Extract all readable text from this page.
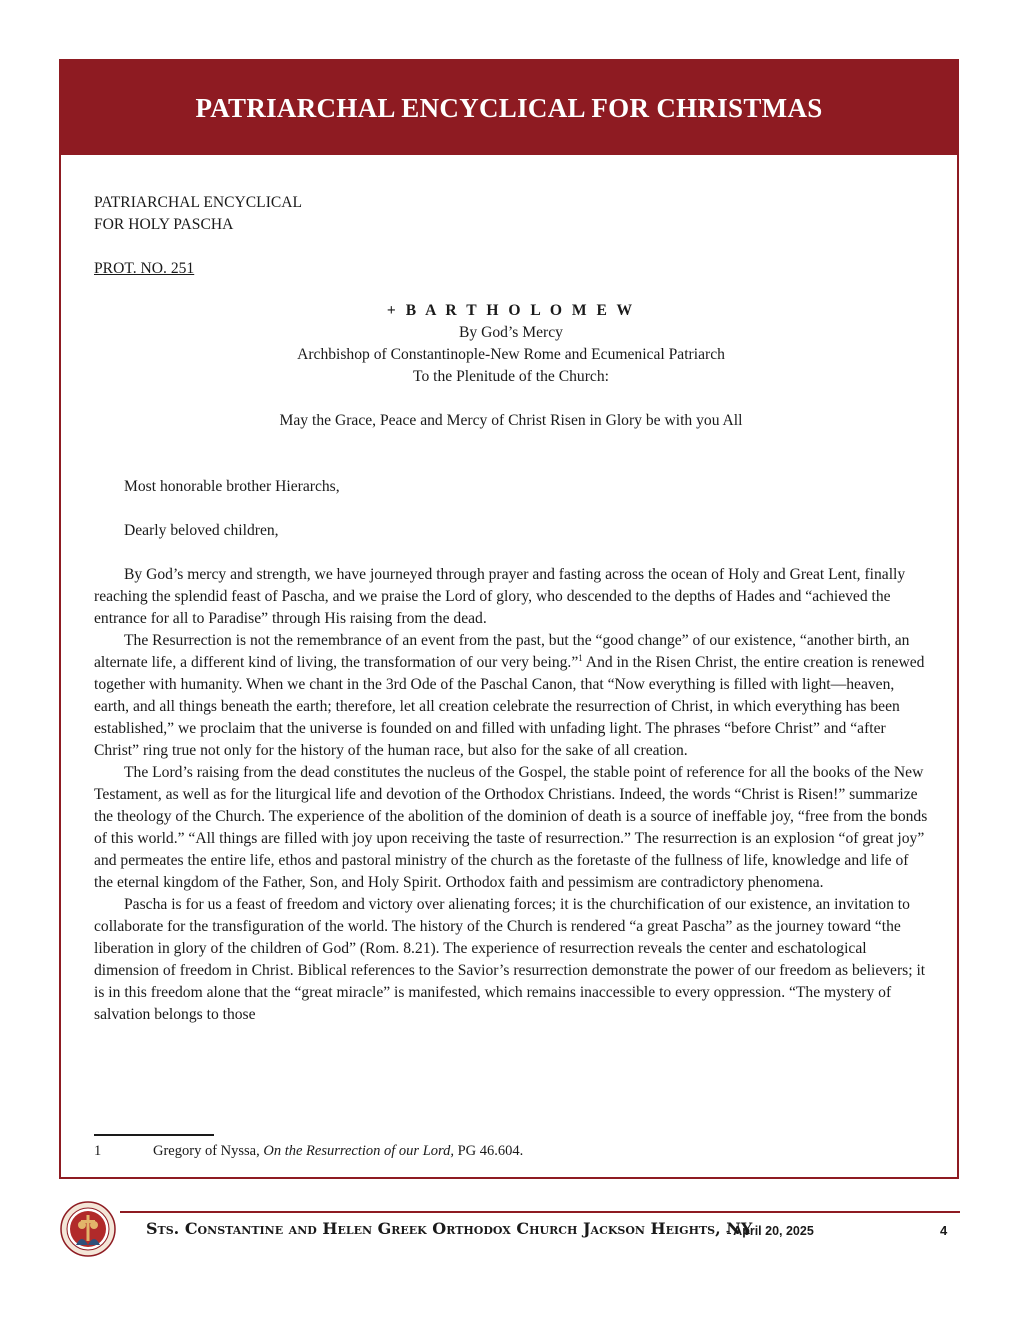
PATRIARCHAL ENCYCLICAL FOR CHRISTMAS

PATRIARCHAL ENCYCLICAL
FOR HOLY PASCHA

PROT. NO. 251

+ B A R T H O L O M E W
By God’s Mercy
Archbishop of Constantinople-New Rome and Ecumenical Patriarch
To the Plenitude of the Church:
May the Grace, Peace and Mercy of Christ Risen in Glory be with you All

Most honorable brother Hierarchs,

Dearly beloved children,

By God’s mercy and strength, we have journeyed through prayer and fasting across the ocean of Holy and Great Lent, finally reaching the splendid feast of Pascha, and we praise the Lord of glory, who descended to the depths of Hades and “achieved the entrance for all to Paradise” through His raising from the dead.

The Resurrection is not the remembrance of an event from the past, but the “good change” of our existence, “another birth, an alternate life, a different kind of living, the transformation of our very being.”$^1$ And in the Risen Christ, the entire creation is renewed together with humanity. When we chant in the 3rd Ode of the Paschal Canon, that “Now everything is filled with light—heaven, earth, and all things beneath the earth; therefore, let all creation celebrate the resurrection of Christ, in which everything has been established,” we proclaim that the universe is founded on and filled with unfading light. The phrases “before Christ” and “after Christ” ring true not only for the history of the human race, but also for the sake of all creation.

The Lord’s raising from the dead constitutes the nucleus of the Gospel, the stable point of reference for all the books of the New Testament, as well as for the liturgical life and devotion of the Orthodox Christians. Indeed, the words “Christ is Risen!” summarize the theology of the Church. The experience of the abolition of the dominion of death is a source of ineffable joy, “free from the bonds of this world.” “All things are filled with joy upon receiving the taste of resurrection.” The resurrection is an explosion “of great joy” and permeates the entire life, ethos and pastoral ministry of the church as the foretaste of the fullness of life, knowledge and life of the eternal kingdom of the Father, Son, and Holy Spirit. Orthodox faith and pessimism are contradictory phenomena.

Pascha is for us a feast of freedom and victory over alienating forces; it is the churchification of our existence, an invitation to collaborate for the transfiguration of the world. The history of the Church is rendered “a great Pascha” as the journey toward “the liberation in glory of the children of God” (Rom. 8.21). The experience of resurrection reveals the center and eschatological dimension of freedom in Christ. Biblical references to the Savior’s resurrection demonstrate the power of our freedom as believers; it is in this freedom alone that the “great miracle” is manifested, which remains inaccessible to every oppression. “The mystery of salvation belongs to those

1	Gregory of Nyssa, On the Resurrection of our Lord, PG 46.604.
Sts. Constantine and Helen Greek Orthodox Church Jackson Heights, NY
- April 20, 2025	4
